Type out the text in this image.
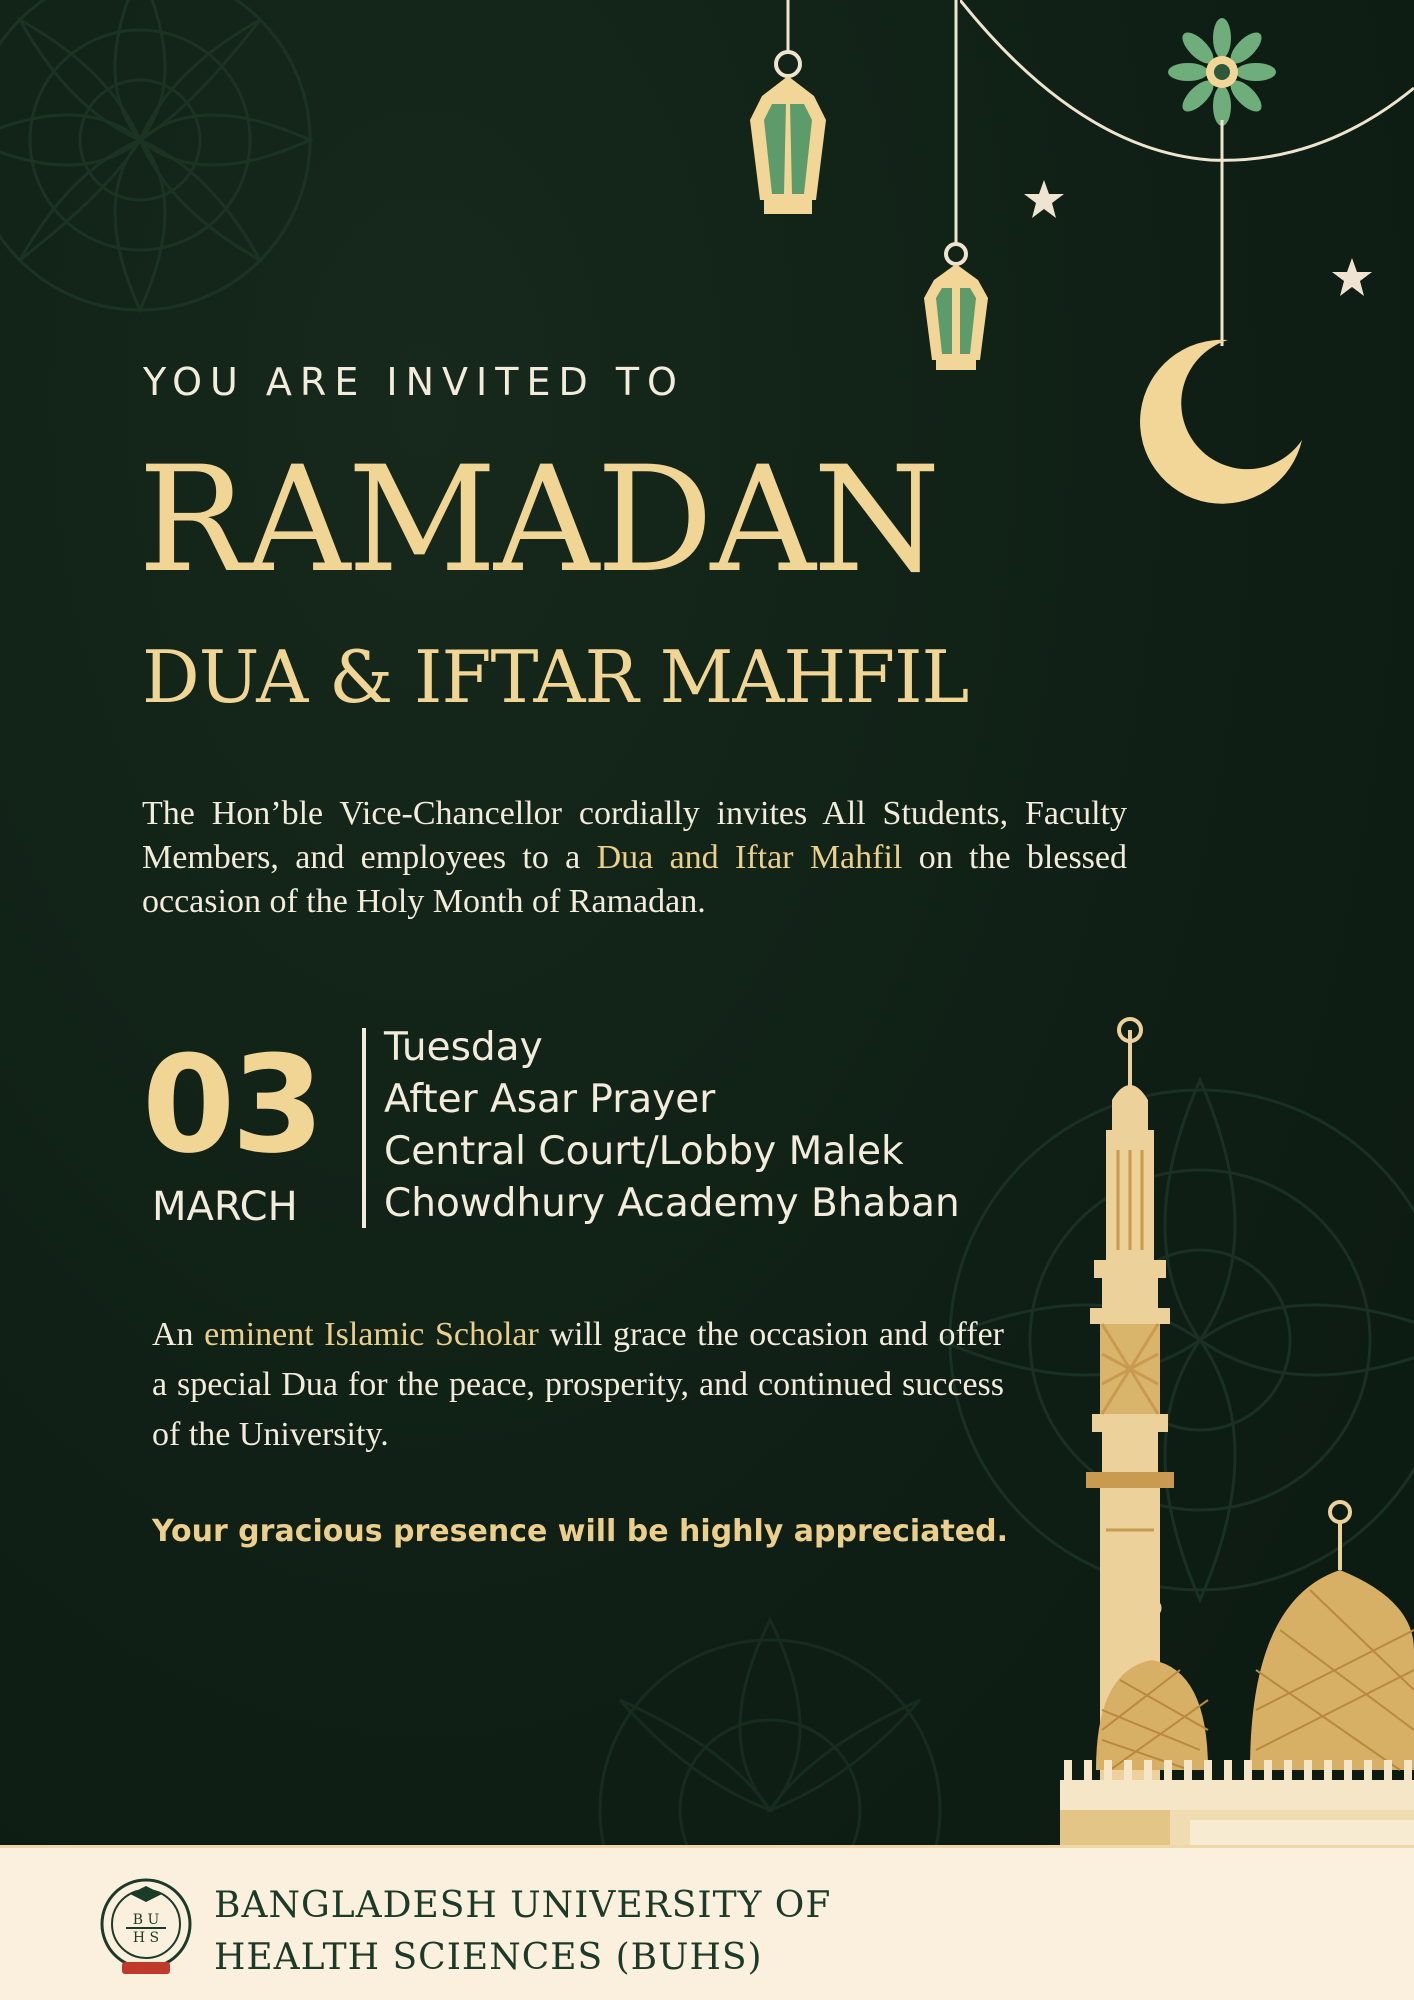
YOU ARE INVITED TO
RAMADAN
DUA & IFTAR MAHFIL

The Hon’ble Vice-Chancellor cordially invites All Students, Faculty Members, and employees to a Dua and Iftar Mahfil on the blessed occasion of the Holy Month of Ramadan.

03
MARCH
Tuesday
After Asar Prayer
Central Court/Lobby Malek
Chowdhury Academy Bhaban

An eminent Islamic Scholar will grace the occasion and offer a special Dua for the peace, prosperity, and continued success of the University.

Your gracious presence will be highly appreciated.
B U
H S
BANGLADESH UNIVERSITY OF
HEALTH SCIENCES (BUHS)
